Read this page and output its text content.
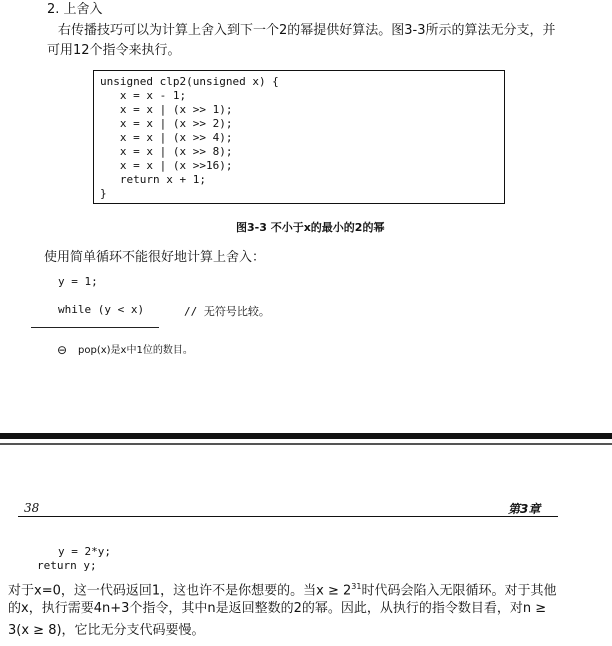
2. 上舍入
右传播技巧可以为计算上舍入到下一个2的幂提供好算法。图3-3所示的算法无分支，并
可用12个指令来执行。
unsigned clp2(unsigned x) {
x = x - 1;
x = x | (x >> 1);
x = x | (x >> 2);
x = x | (x >> 4);
x = x | (x >> 8);
x = x | (x >>16);
return x + 1;
}
图3-3 不小于x的最小的2的幂
使用简单循环不能很好地计算上舍入：
y = 1;
while (y < x)	// 无符号比较。
⊖ pop(x)是x中1位的数目。
38	第3章
y = 2*y;
return y;
对于x=0，这一代码返回1，这也许不是你想要的。当$x \ge 2^{31}$时代码会陷入无限循环。对于其他
的x，执行需要4n+3个指令，其中n是返回整数的2的幂。因此，从执行的指令数目看，对n ≥
3(x ≥ 8)，它比无分支代码要慢。
